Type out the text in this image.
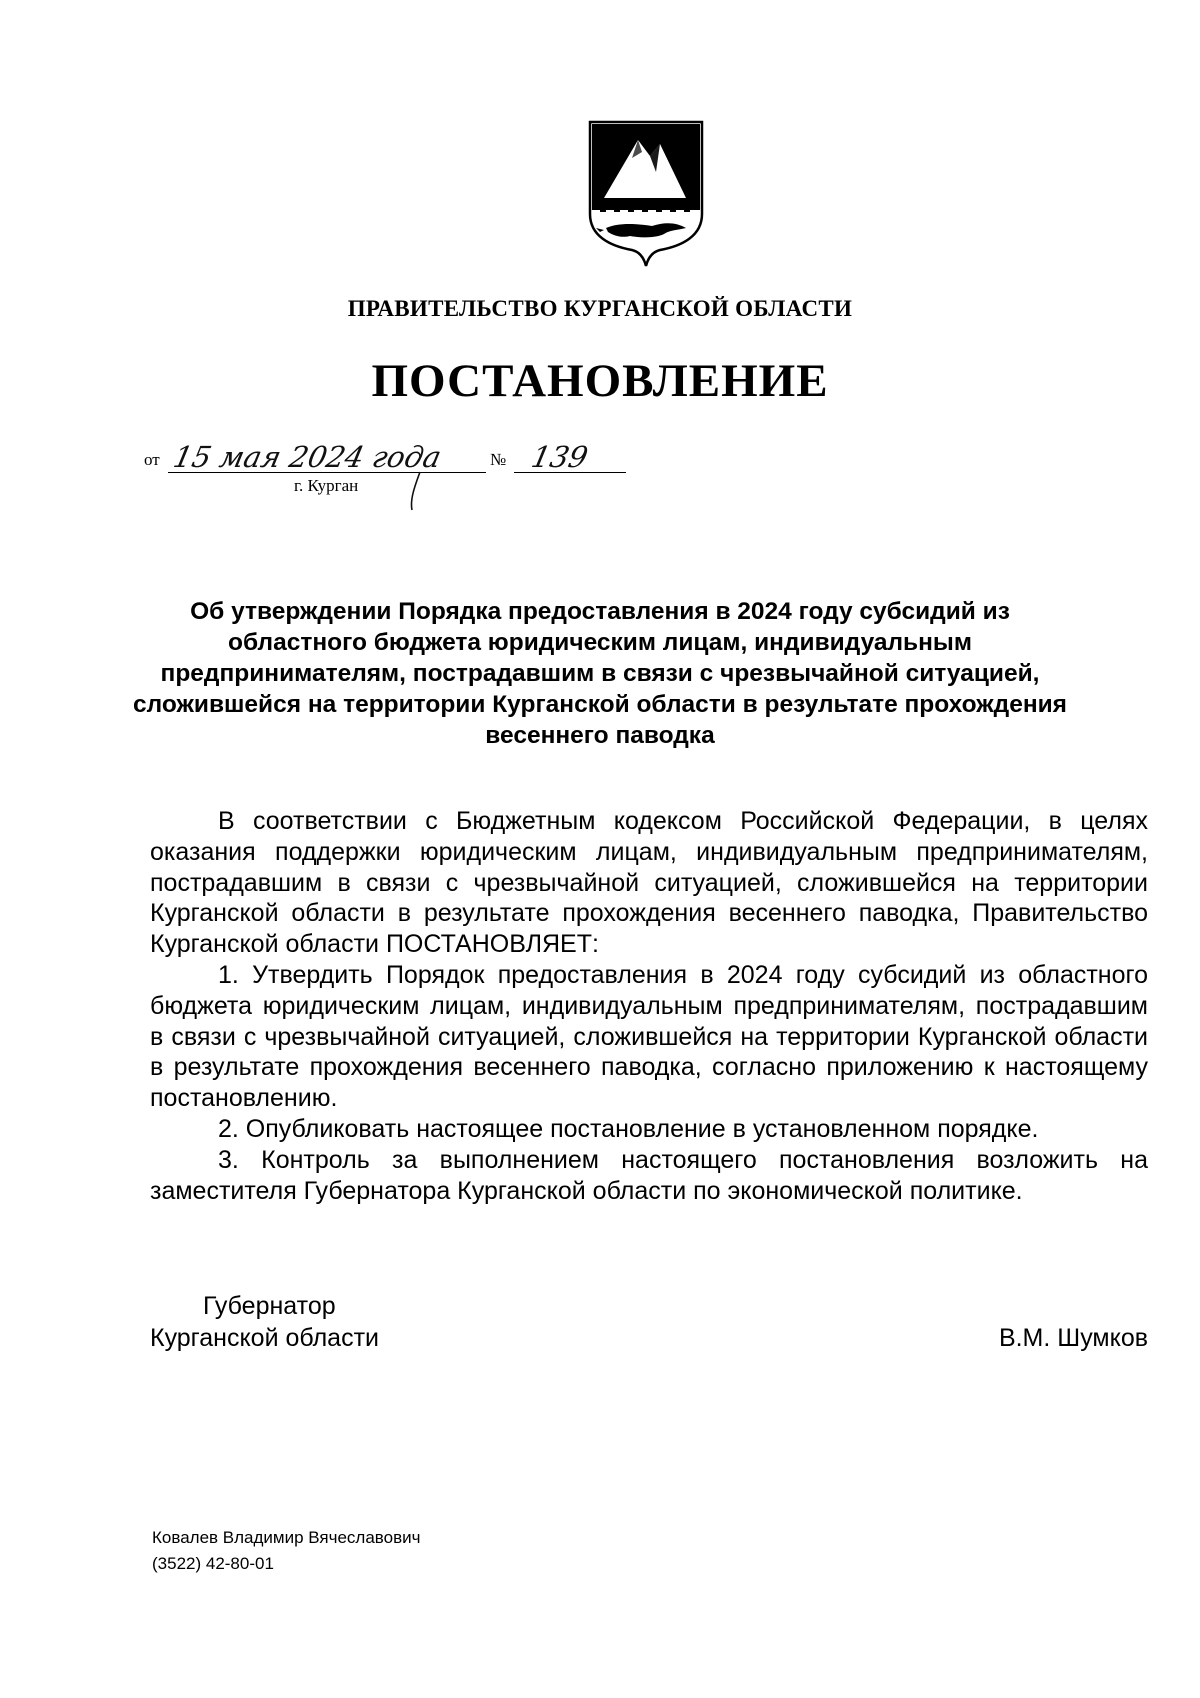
ПРАВИТЕЛЬСТВО КУРГАНСКОЙ ОБЛАСТИ
ПОСТАНОВЛЕНИЕ
от 15 мая 2024 года	№ 139
г. Курган
Об утверждении Порядка предоставления в 2024 году субсидий из областного бюджета юридическим лицам, индивидуальным предпринимателям, пострадавшим в связи с чрезвычайной ситуацией, сложившейся на территории Курганской области в результате прохождения весеннего паводка

В соответствии с Бюджетным кодексом Российской Федерации, в целях оказания поддержки юридическим лицам, индивидуальным предпринимателям, пострадавшим в связи с чрезвычайной ситуацией, сложившейся на территории Курганской области в результате прохождения весеннего паводка, Правительство Курганской области ПОСТАНОВЛЯЕТ:

1. Утвердить Порядок предоставления в 2024 году субсидий из областного бюджета юридическим лицам, индивидуальным предпринимателям, пострадавшим в связи с чрезвычайной ситуацией, сложившейся на территории Курганской области в результате прохождения весеннего паводка, согласно приложению к настоящему постановлению.

2. Опубликовать настоящее постановление в установленном порядке.

3. Контроль за выполнением настоящего постановления возложить на заместителя Губернатора Курганской области по экономической политике.

Губернатор
Курганской области	В.М. Шумков
Ковалев Владимир Вячеславович
(3522) 42-80-01
